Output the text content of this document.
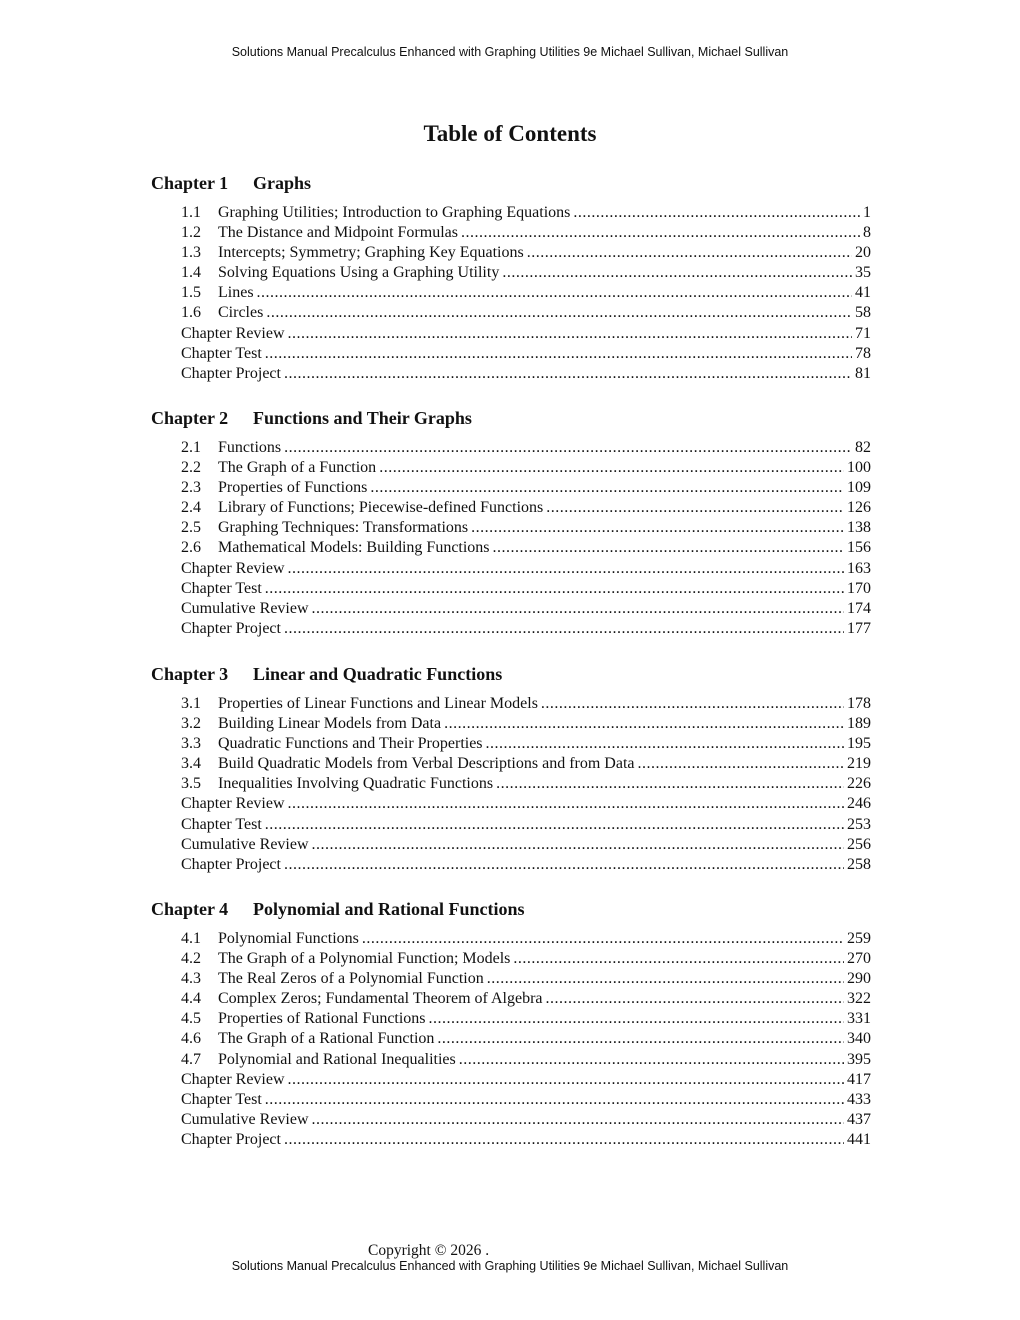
Solutions Manual Precalculus Enhanced with Graphing Utilities 9e Michael Sullivan, Michael Sullivan
Table of Contents
Chapter 1 Graphs
1.1	Graphing Utilities; Introduction to Graphing Equations .....	1
1.2	The Distance and Midpoint Formulas .....	8
1.3	Intercepts; Symmetry; Graphing Key Equations .....	20
1.4	Solving Equations Using a Graphing Utility .....	35
1.5	Lines .....	41
1.6	Circles .....	58
Chapter Review .....	71
Chapter Test .....	78
Chapter Project .....	81
Chapter 2 Functions and Their Graphs
2.1	Functions .....	82
2.2	The Graph of a Function .....	100
2.3	Properties of Functions .....	109
2.4	Library of Functions; Piecewise-defined Functions .....	126
2.5	Graphing Techniques: Transformations .....	138
2.6	Mathematical Models: Building Functions .....	156
Chapter Review .....	163
Chapter Test .....	170
Cumulative Review .....	174
Chapter Project .....	177
Chapter 3 Linear and Quadratic Functions
3.1	Properties of Linear Functions and Linear Models .....	178
3.2	Building Linear Models from Data .....	189
3.3	Quadratic Functions and Their Properties .....	195
3.4	Build Quadratic Models from Verbal Descriptions and from Data .....	219
3.5	Inequalities Involving Quadratic Functions .....	226
Chapter Review .....	246
Chapter Test .....	253
Cumulative Review .....	256
Chapter Project .....	258
Chapter 4 Polynomial and Rational Functions
4.1	Polynomial Functions .....	259
4.2	The Graph of a Polynomial Function; Models .....	270
4.3	The Real Zeros of a Polynomial Function .....	290
4.4	Complex Zeros; Fundamental Theorem of Algebra .....	322
4.5	Properties of Rational Functions .....	331
4.6	The Graph of a Rational Function .....	340
4.7	Polynomial and Rational Inequalities .....	395
Chapter Review .....	417
Chapter Test .....	433
Cumulative Review .....	437
Chapter Project .....	441
Copyright © 2026 .
Solutions Manual Precalculus Enhanced with Graphing Utilities 9e Michael Sullivan, Michael Sullivan
